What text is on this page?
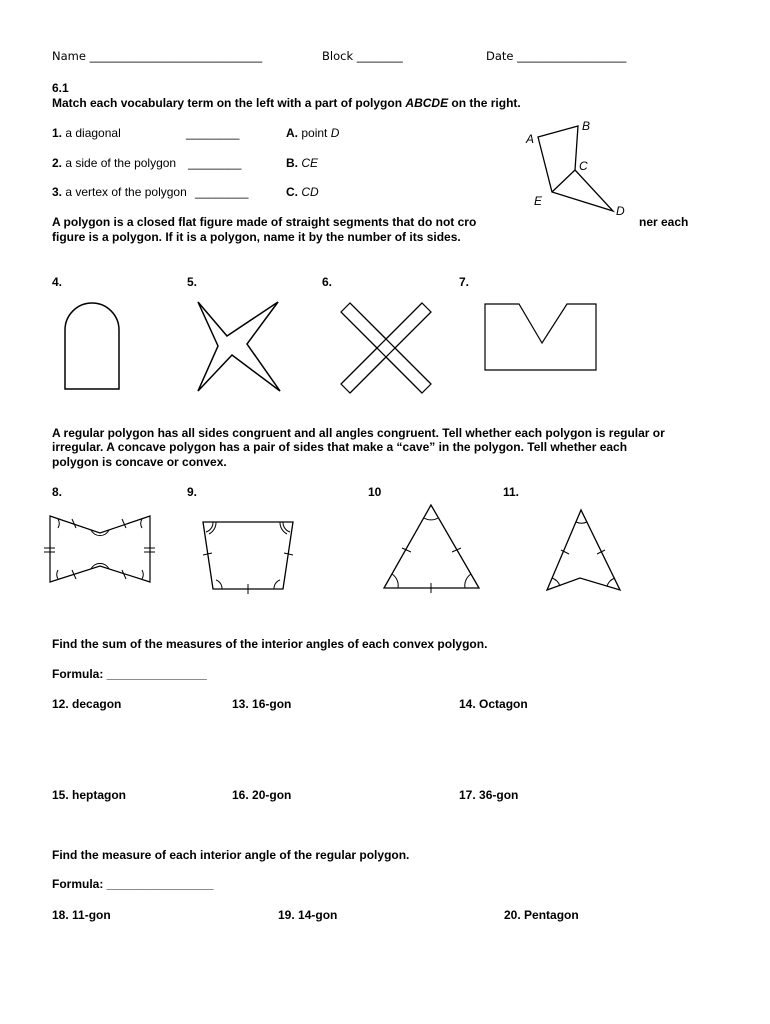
Name ______________________________	Block ________	Date ___________________
6.1
Match each vocabulary term on the left with a part of polygon ABCDE on the right.
1. a diagonal	________
2. a side of the polygon ________
3. a vertex of the polygon ________
A. point D
B. CE
C. CD
A
B
C
D
E
A polygon is a closed flat figure made of straight segments that do not cro	ner each
figure is a polygon. If it is a polygon, name it by the number of its sides.
4.	5.	6.	7.
A regular polygon has all sides congruent and all angles congruent. Tell whether each polygon is regular or
irregular. A concave polygon has a pair of sides that make a “cave” in the polygon. Tell whether each
polygon is concave or convex.
8.	9.	10	11.
Find the sum of the measures of the interior angles of each convex polygon.
Formula: _______________
12. decagon	13. 16-gon	14. Octagon
15. heptagon	16. 20-gon	17. 36-gon
Find the measure of each interior angle of the regular polygon.
Formula: ________________
18. 11-gon	19. 14-gon	20. Pentagon
